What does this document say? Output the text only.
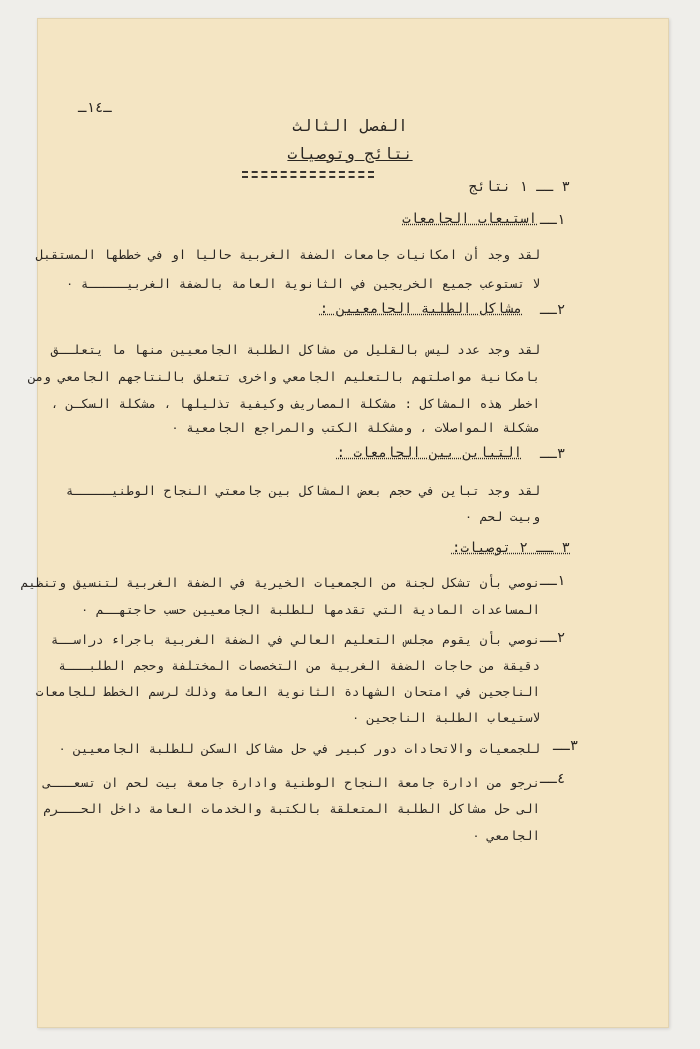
ـ١٤ـ
الفصل الثالث
نتائج وتوصيات
٣ ــ ١ نتائج
١ــ
استيعاب الجامعات
لقد وجد أن امكانيات جامعات الضفة الغربية حاليا او في خططها المستقبل
لا تستوعب جميع الخريجين في الثانوية العامة بالضفة الغربيـــــة ٠
٢ــ
مشاكل الطلبة الجامعيين :
لقد وجد عدد ليس بالقليل من مشاكل الطلبة الجامعيين منها ما يتعلــق
بامكانية مواصلتهم بالتعليم الجامعي واخرى تتعلق بالنتاجهم الجامعي ومن
اخطر هذه المشاكل : مشكلة المصاريف وكيفية تذليلها ، مشكلة السكـن ،
مشكلة المواصلات ، ومشكلة الكتب والمراجع الجامعية ٠
٣ــ
التباين بين الجامعات :
لقد وجد تباين في حجم بعض المشاكل بين جامعتي النجاح الوطنيـــــة
وبيت لحم ٠
٣ ــ ٢ توصيات:
١ــ
نوصي بأن تشكل لجنة من الجمعيات الخيرية في الضفة الغربية لتنسيق وتنظيم
المساعدات المادية التي تقدمها للطلبة الجامعيين حسب حاجتهــم ٠
٢ــ
نوصي بأن يقوم مجلس التعليم العالي في الضفة الغربية باجراء دراســة
دقيقة من حاجات الضفة الغربية من التخصصات المختلفة وحجم الطلبـــة
الناجحين في امتحان الشهادة الثانوية العامة وذلك لرسم الخطط للجامعات
لاستيعاب الطلبة الناجحين ٠
٣ــ
للجمعيات والاتحادات دور كبير في حل مشاكل السكن للطلبة الجامعيين ٠
٤ــ
نرجو من ادارة جامعة النجاح الوطنية وادارة جامعة بيت لحم ان تسعـــى
الى حل مشاكل الطلبة المتعلقة بالكتبة والخدمات العامة داخل الحـــرم
الجامعي ٠
